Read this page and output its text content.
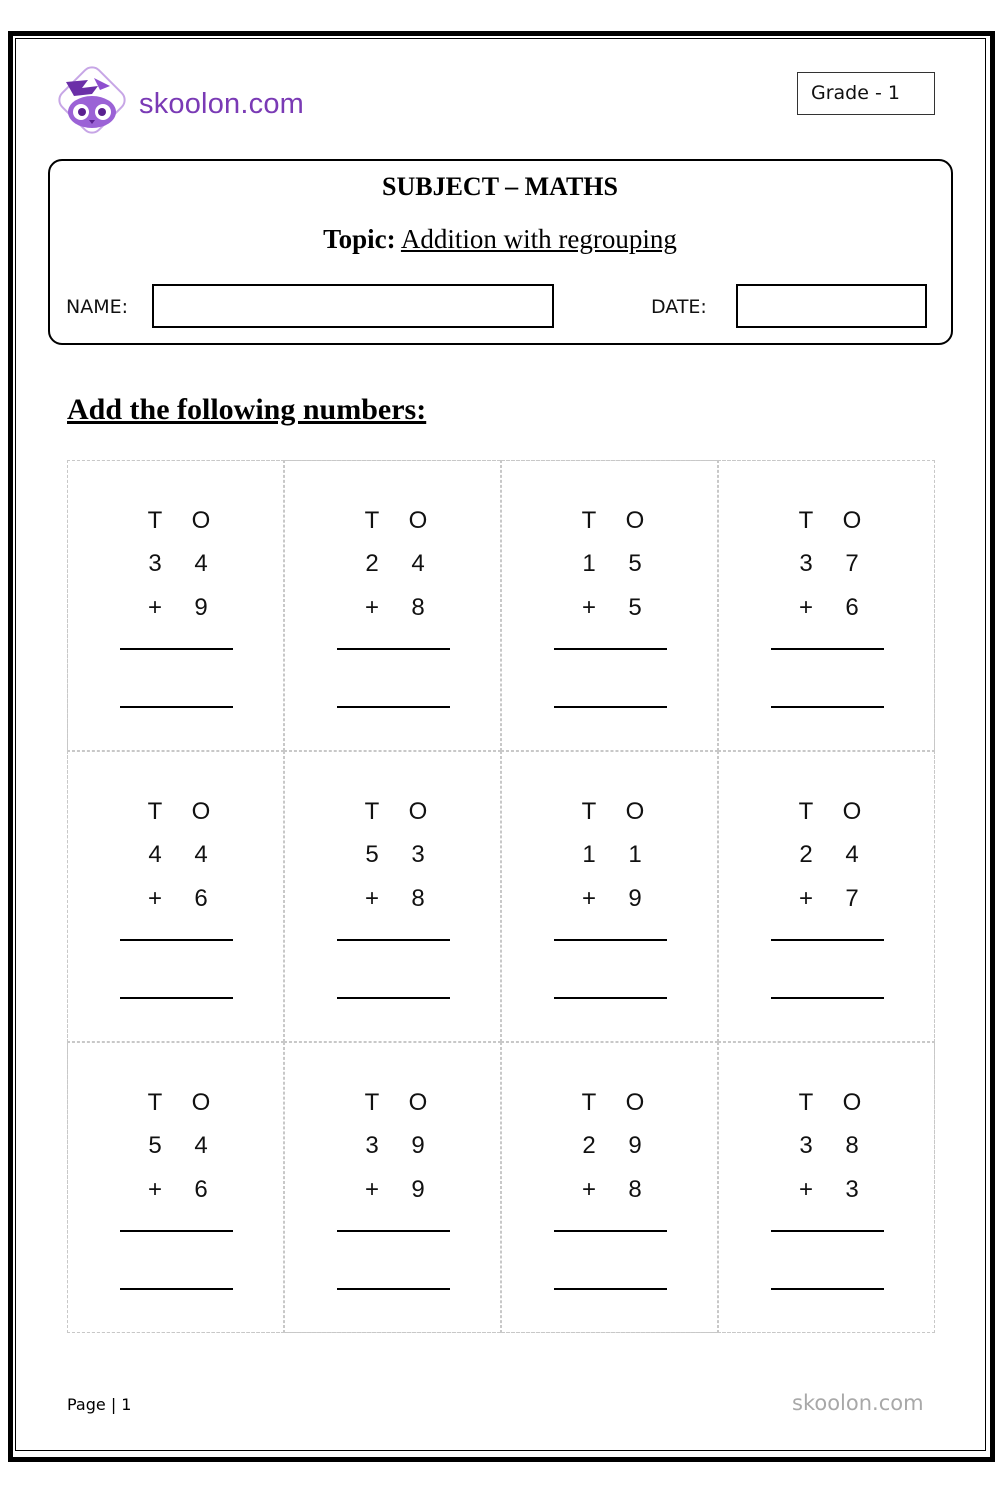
skoolon.com	Grade - 1
SUBJECT – MATHS
Topic: Addition with regrouping
NAME:	DATE:
Add the following numbers:
T	O
3	4
+	9
T	O
2	4
+	8
T	O
1	5
+	5
T	O
3	7
+	6
T	O
4	4
+	6
T	O
5	3
+	8
T	O
1	1
+	9
T	O
2	4
+	7
T	O
5	4
+	6
T	O
3	9
+	9
T	O
2	9
+	8
T	O
3	8
+	3
Page | 1	skoolon.com
